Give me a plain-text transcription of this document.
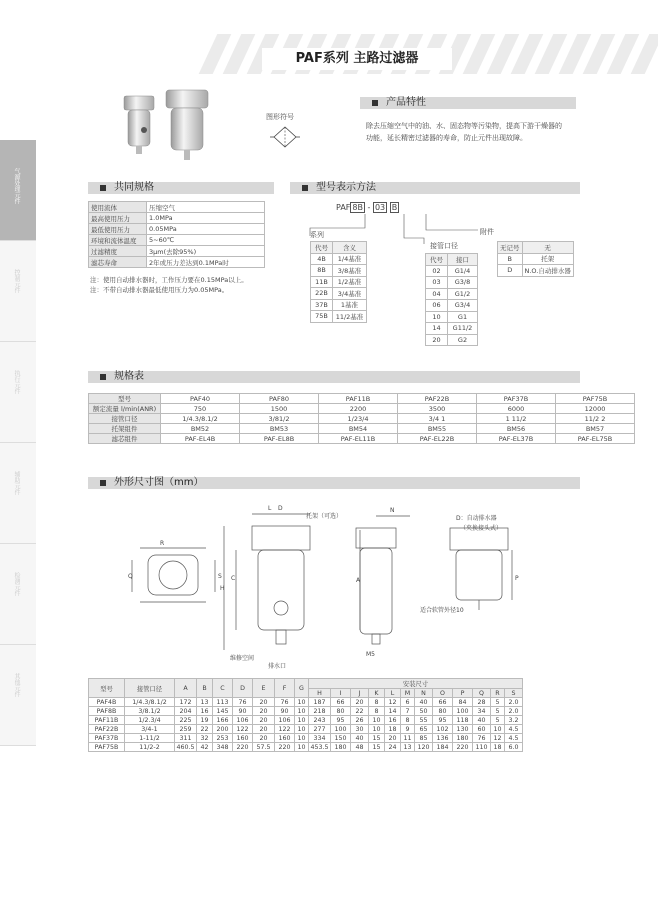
气源处理元件
控制元件
执行元件
辅助元件
检测元件
其他元件
PAF系列 主路过滤器
图形符号
产品特性
除去压缩空气中的油、水、固态物等污染物，提高下游干燥器的
功能，延长精密过滤器的寿命，防止元件出现故障。
共同规格
使用流体	压缩空气
最高使用压力	1.0MPa
最低使用压力	0.05MPa
环境和流体温度	5~60℃
过滤精度	3μm(去除95%)
滤芯寿命	2年或压力差达到0.1MPa时
注：使用自动排水器时，工作压力要在0.15MPa以上。
注：不带自动排水器最低使用压力为0.05MPa。
型号表示方法
PAF 8B - 03 B
系列
接管口径
附件
代号	含义
4B	1/4基准
8B	3/8基准
11B	1/2基准
22B	3/4基准
37B	1基准
75B	11/2基准
代号	接口
02	G1/4
03	G3/8
04	G1/2
06	G3/4
10	G1
14	G11/2
20	G2
无记号	无
B	托架
D	N.O.自动排水器
规格表
型号	PAF40	PAF80	PAF11B	PAF22B	PAF37B	PAF75B
额定流量 l/min(ANR)	750	1500	2200	3500	6000	12000
接管口径	1/4.3/8.1/2	3/81/2	1/23/4	3/4 1	1 11/2	11/2 2
托架组件	BM52	BM53	BM54	BM55	BM56	BM57
滤芯组件	PAF-EL4B	PAF-EL8B	PAF-EL11B	PAF-EL22B	PAF-EL37B	PAF-EL75B
外形尺寸图（mm）
R
Q	S
H
C
D
L
托架（可选）
维修空间
排水口
A
N
M5
D：自动排水器
（夹换接头式）
适合软管外径10
P
型号	接管口径	A	B	C	D	E	F	G	安装尺寸											
									H	I	J	K	L	M	N	O	P	Q	R	S
PAF4B	1/4.3/8.1/2	172	13	113	76	20	76	10	187	66	20	8	12	6	40	66	84	28	5	2.0
PAF8B	3/8.1/2	204	16	145	90	20	90	10	218	80	22	8	14	7	50	80	100	34	5	2.0
PAF11B	1/2.3/4	225	19	166	106	20	106	10	243	95	26	10	16	8	55	95	118	40	5	3.2
PAF22B	3/4-1	259	22	200	122	20	122	10	277	100	30	10	18	9	65	102	130	60	10	4.5
PAF37B	1-11/2	311	32	253	160	20	160	10	334	150	40	15	20	11	85	136	180	76	12	4.5
PAF75B	11/2-2	460.5	42	348	220	57.5	220	10	453.5	180	48	15	24	13	120	184	220	110	18	6.0
